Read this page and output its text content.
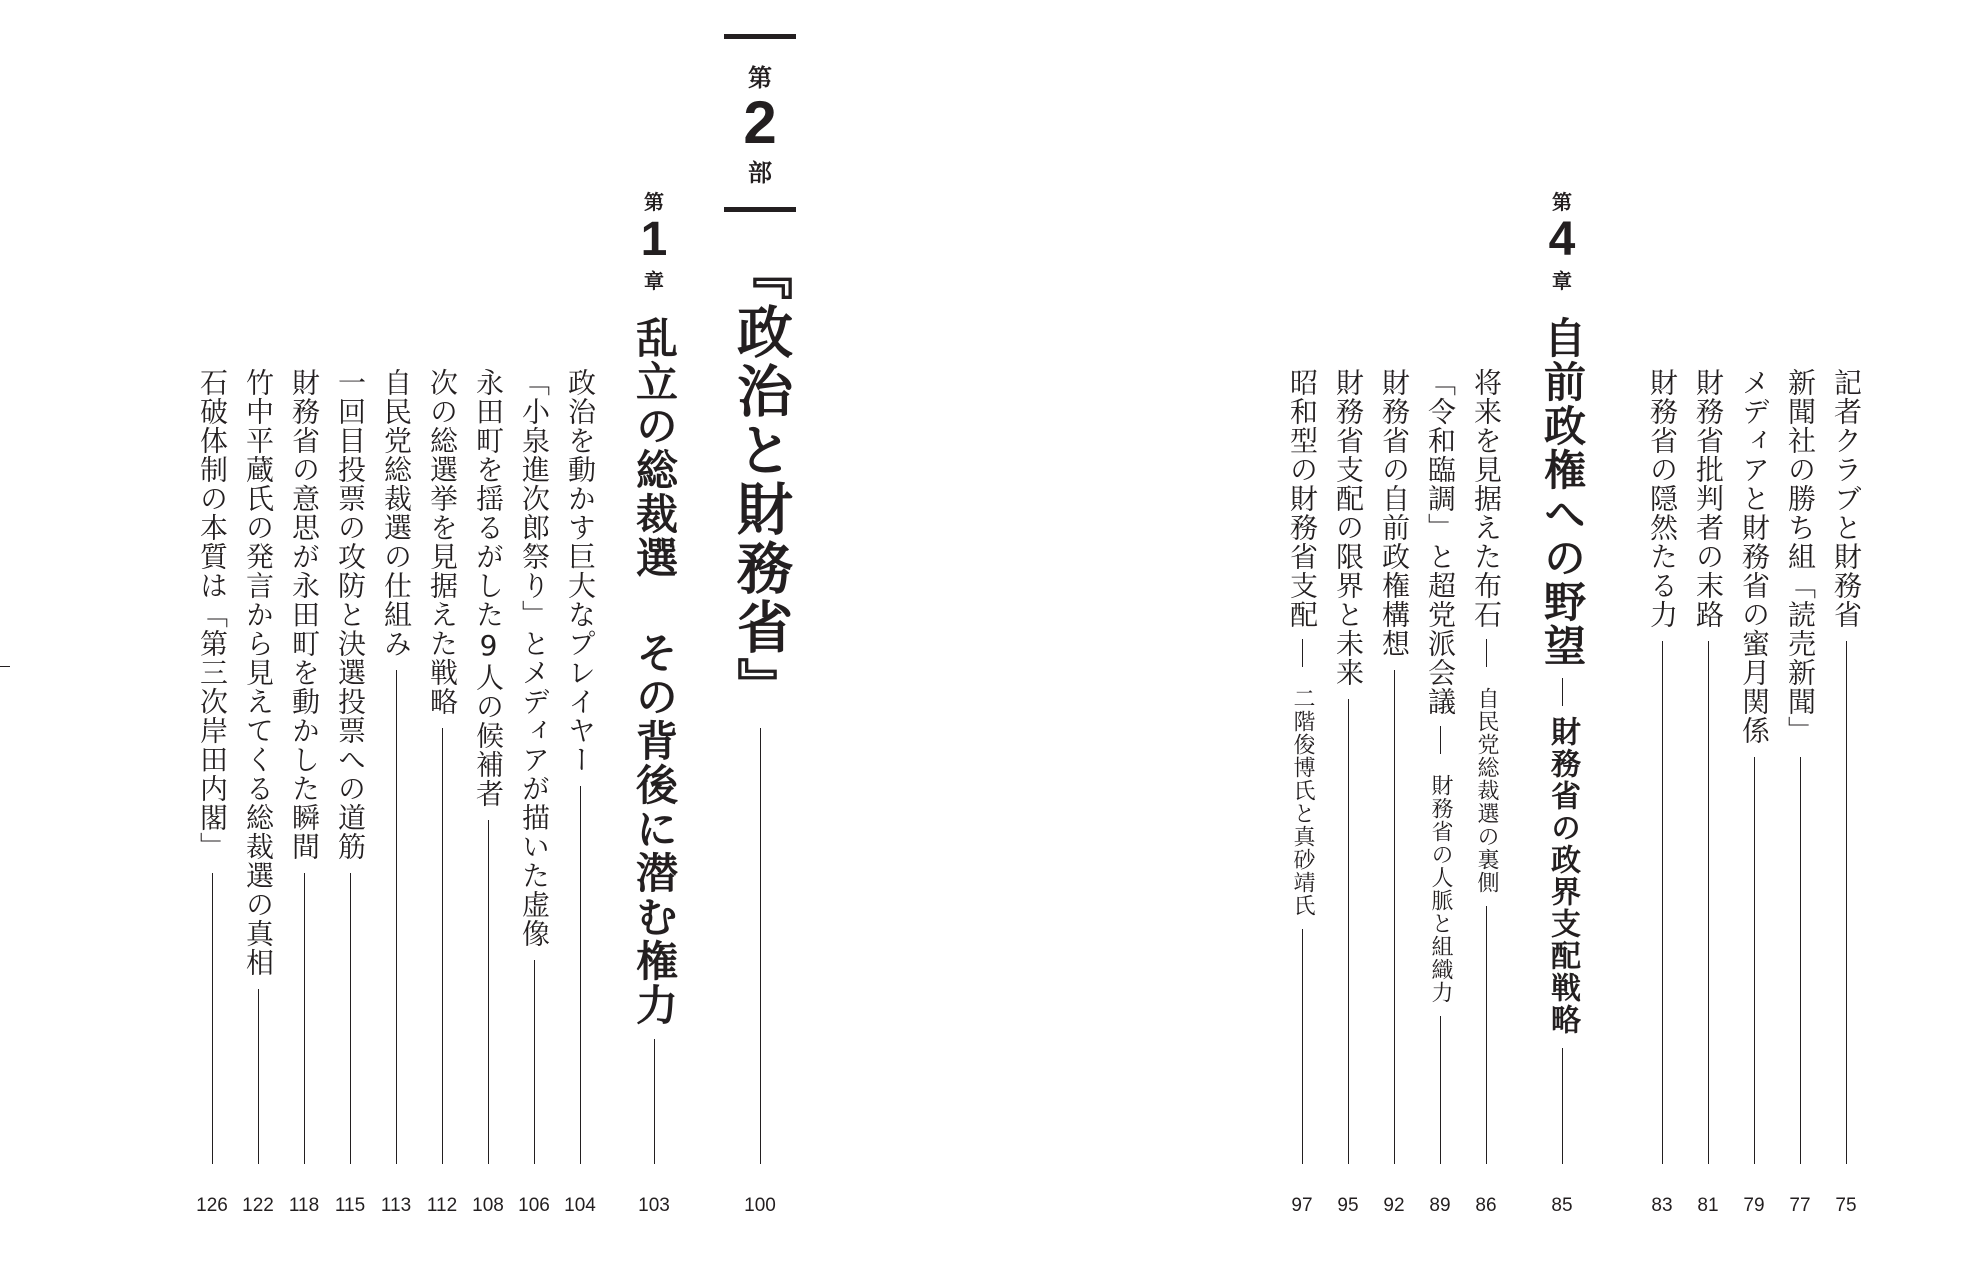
記者クラブと財務省
75
新聞社の勝ち組「読売新聞」
77
メディアと財務省の蜜月関係
79
財務省批判者の末路
81
財務省の隠然たる力
83
第
4
章
自前政権への野望
財務省の政界支配戦略
85
将来を見据えた布石
自民党総裁選の裏側
86
「令和臨調」と超党派会議
財務省の人脈と組織力
89
財務省の自前政権構想
92
財務省支配の限界と未来
95
昭和型の財務省支配
二階俊博氏と真砂靖氏
97
第
2
部
『政治と財務省』
100
第
1
章
乱立の総裁選 その背後に潜む権力
103
政治を動かす巨大なプレイヤー
104
「小泉進次郎祭り」とメディアが描いた虚像
106
永田町を揺るがした9人の候補者
108
次の総選挙を見据えた戦略
112
自民党総裁選の仕組み
113
一回目投票の攻防と決選投票への道筋
115
財務省の意思が永田町を動かした瞬間
118
竹中平蔵氏の発言から見えてくる総裁選の真相
122
石破体制の本質は「第三次岸田内閣」
126
